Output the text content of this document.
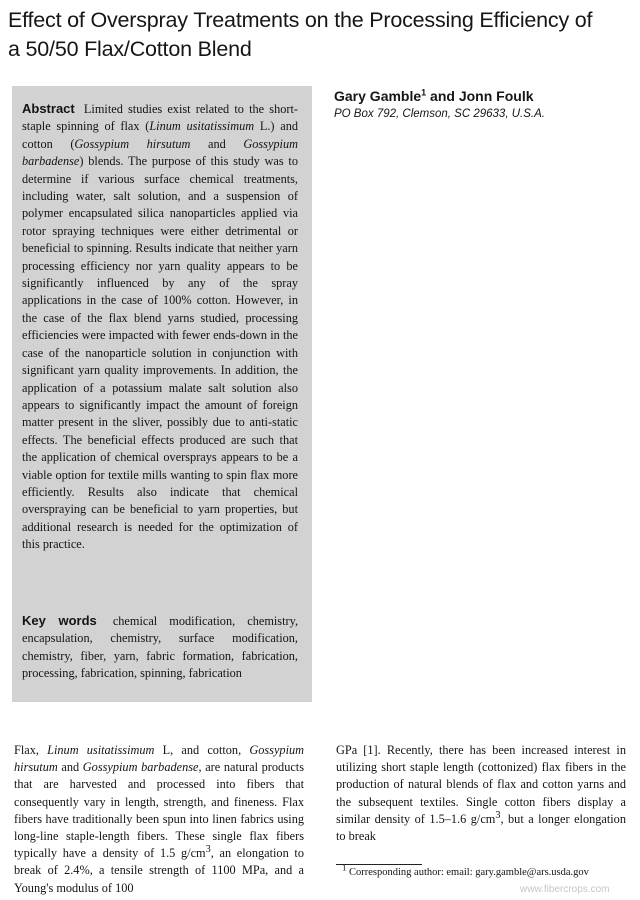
Effect of Overspray Treatments on the Processing Efficiency of
a 50/50 Flax/Cotton Blend
Gary Gamble$^1$ and Jonn Foulk
PO Box 792, Clemson, SC 29633, U.S.A.
Abstract Limited studies exist related to the short-staple spinning of flax (Linum usitatissimum L.) and cotton (Gossypium hirsutum and Gossypium barbadense) blends. The purpose of this study was to determine if various surface chemical treatments, including water, salt solution, and a suspension of polymer encapsulated silica nanoparticles applied via rotor spraying techniques were either detrimental or beneficial to spinning. Results indicate that neither yarn processing efficiency nor yarn quality appears to be significantly influenced by any of the spray applications in the case of 100% cotton. However, in the case of the flax blend yarns studied, processing efficiencies were impacted with fewer ends-down in the case of the nanoparticle solution in conjunction with significant yarn quality improvements. In addition, the application of a potassium malate salt solution also appears to significantly impact the amount of foreign matter present in the sliver, possibly due to anti-static effects. The beneficial effects produced are such that the application of chemical oversprays appears to be a viable option for textile mills wanting to spin flax more efficiently. Results also indicate that chemical overspraying can be beneficial to yarn properties, but additional research is needed for the optimization of this practice.
Key words chemical modification, chemistry, encapsulation, chemistry, surface modification, chemistry, fiber, yarn, fabric formation, fabrication, processing, fabrication, spinning, fabrication
Flax, Linum usitatissimum L, and cotton, Gossypium hirsutum and Gossypium barbadense, are natural products that are harvested and processed into fibers that consequently vary in length, strength, and fineness. Flax fibers have traditionally been spun into linen fabrics using long-line staple-length fibers. These single flax fibers typically have a density of 1.5 $g/cm^3$, an elongation to break of 2.4%, a tensile strength of 1100 MPa, and a Young's modulus of 100
GPa [1]. Recently, there has been increased interest in utilizing short staple length (cottonized) flax fibers in the production of natural blends of flax and cotton yarns and the subsequent textiles. Single cotton fibers display a similar density of 1.5–1.6 $g/cm^3$, but a longer elongation to break
$^1$ Corresponding author: email: gary.gamble@ars.usda.gov
www.fibercrops.com
